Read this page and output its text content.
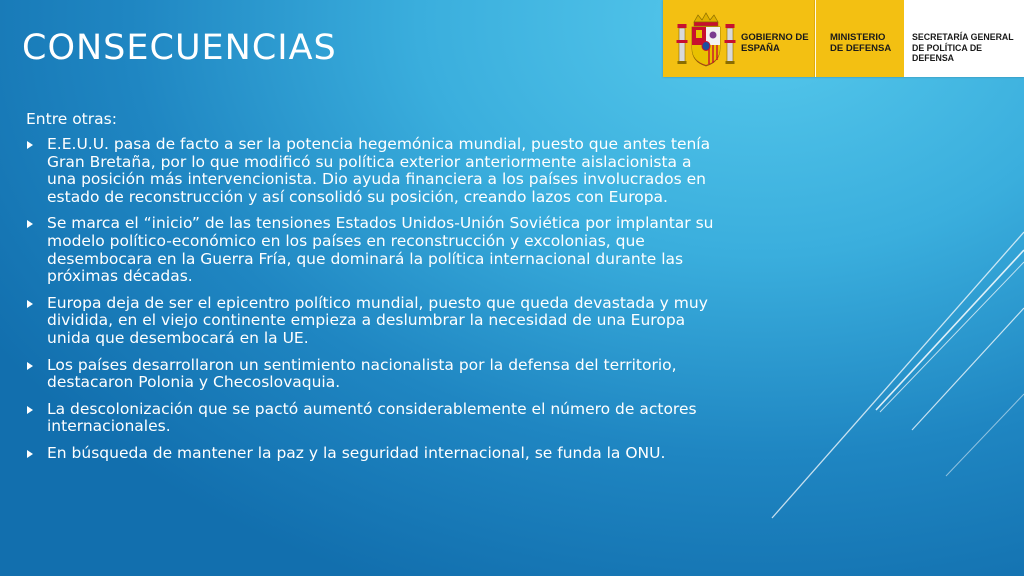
CONSECUENCIAS

Entre otras:

E.E.U.U. pasa de facto a ser la potencia hegemónica mundial, puesto que antes tenía Gran Bretaña, por lo que modificó su política exterior anteriormente aislacionista a una posición más intervencionista. Dio ayuda financiera a los países involucrados en estado de reconstrucción y así consolidó su posición, creando lazos con Europa.
Se marca el “inicio” de las tensiones Estados Unidos-Unión Soviética por implantar su modelo político-económico en los países en reconstrucción y excolonias, que desembocara en la Guerra Fría, que dominará la política internacional durante las próximas décadas.
Europa deja de ser el epicentro político mundial, puesto que queda devastada y muy dividida, en el viejo continente empieza a deslumbrar la necesidad de una Europa unida que desembocará en la UE.
Los países desarrollaron un sentimiento nacionalista por la defensa del territorio, destacaron Polonia y Checoslovaquia.
La descolonización que se pactó aumentó considerablemente el número de actores internacionales.
En búsqueda de mantener la paz y la seguridad internacional, se funda la ONU.

GOBIERNO DE ESPAÑA

MINISTERIO DE DEFENSA

SECRETARÍA GENERAL DE POLÍTICA DE DEFENSA
